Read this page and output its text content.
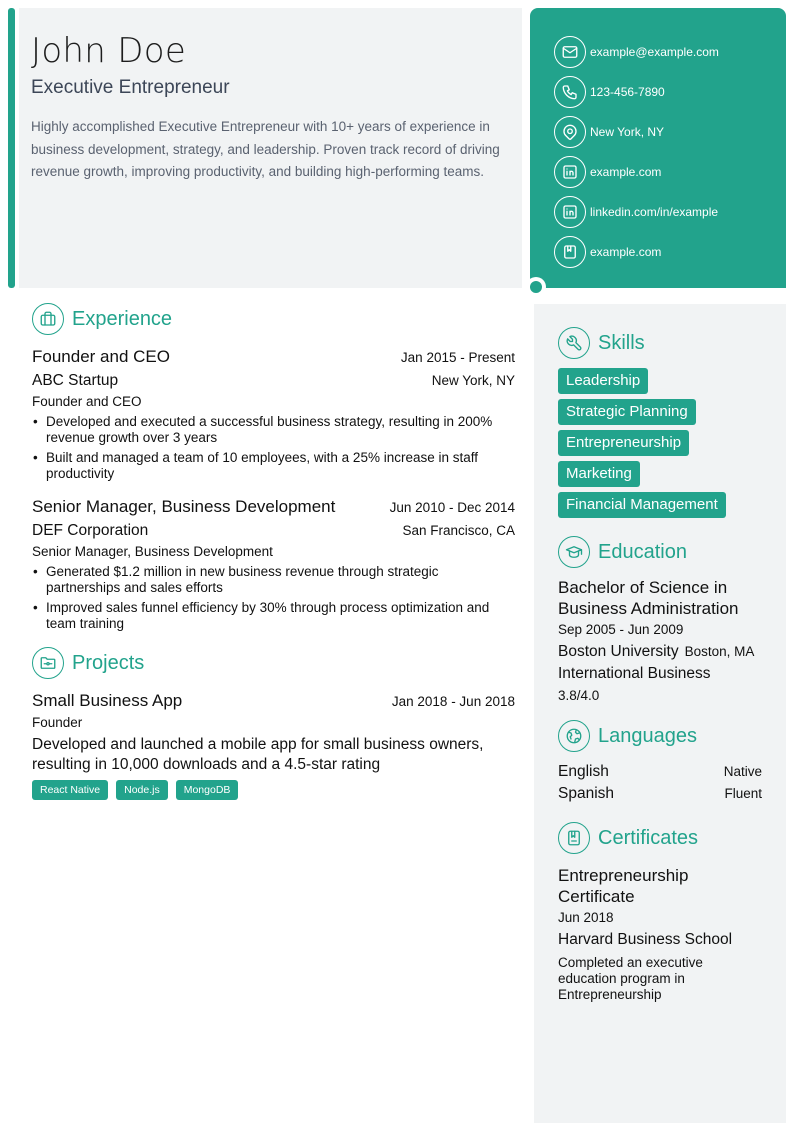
John Doe
Executive Entrepreneur
Highly accomplished Executive Entrepreneur with 10+ years of experience in business development, strategy, and leadership. Proven track record of driving revenue growth, improving productivity, and building high-performing teams.
example@example.com
123-456-7890
New York, NY
example.com
linkedin.com/in/example
example.com
Experience
Founder and CEO	Jan 2015 - Present
ABC Startup	New York, NY
Founder and CEO
• Developed and executed a successful business strategy, resulting in 200% revenue growth over 3 years
• Built and managed a team of 10 employees, with a 25% increase in staff productivity
Senior Manager, Business Development	Jun 2010 - Dec 2014
DEF Corporation	San Francisco, CA
Senior Manager, Business Development
• Generated $1.2 million in new business revenue through strategic partnerships and sales efforts
• Improved sales funnel efficiency by 30% through process optimization and team training
Projects
Small Business App	Jan 2018 - Jun 2018
Founder
Developed and launched a mobile app for small business owners, resulting in 10,000 downloads and a 4.5-star rating
React Native	Node.js	MongoDB
Skills
Leadership
Strategic Planning
Entrepreneurship
Marketing
Financial Management
Education
Bachelor of Science in Business Administration
Sep 2005 - Jun 2009
Boston University Boston, MA
International Business
3.8/4.0
Languages
English	Native
Spanish	Fluent
Certificates
Entrepreneurship Certificate
Jun 2018
Harvard Business School
Completed an executive education program in Entrepreneurship
